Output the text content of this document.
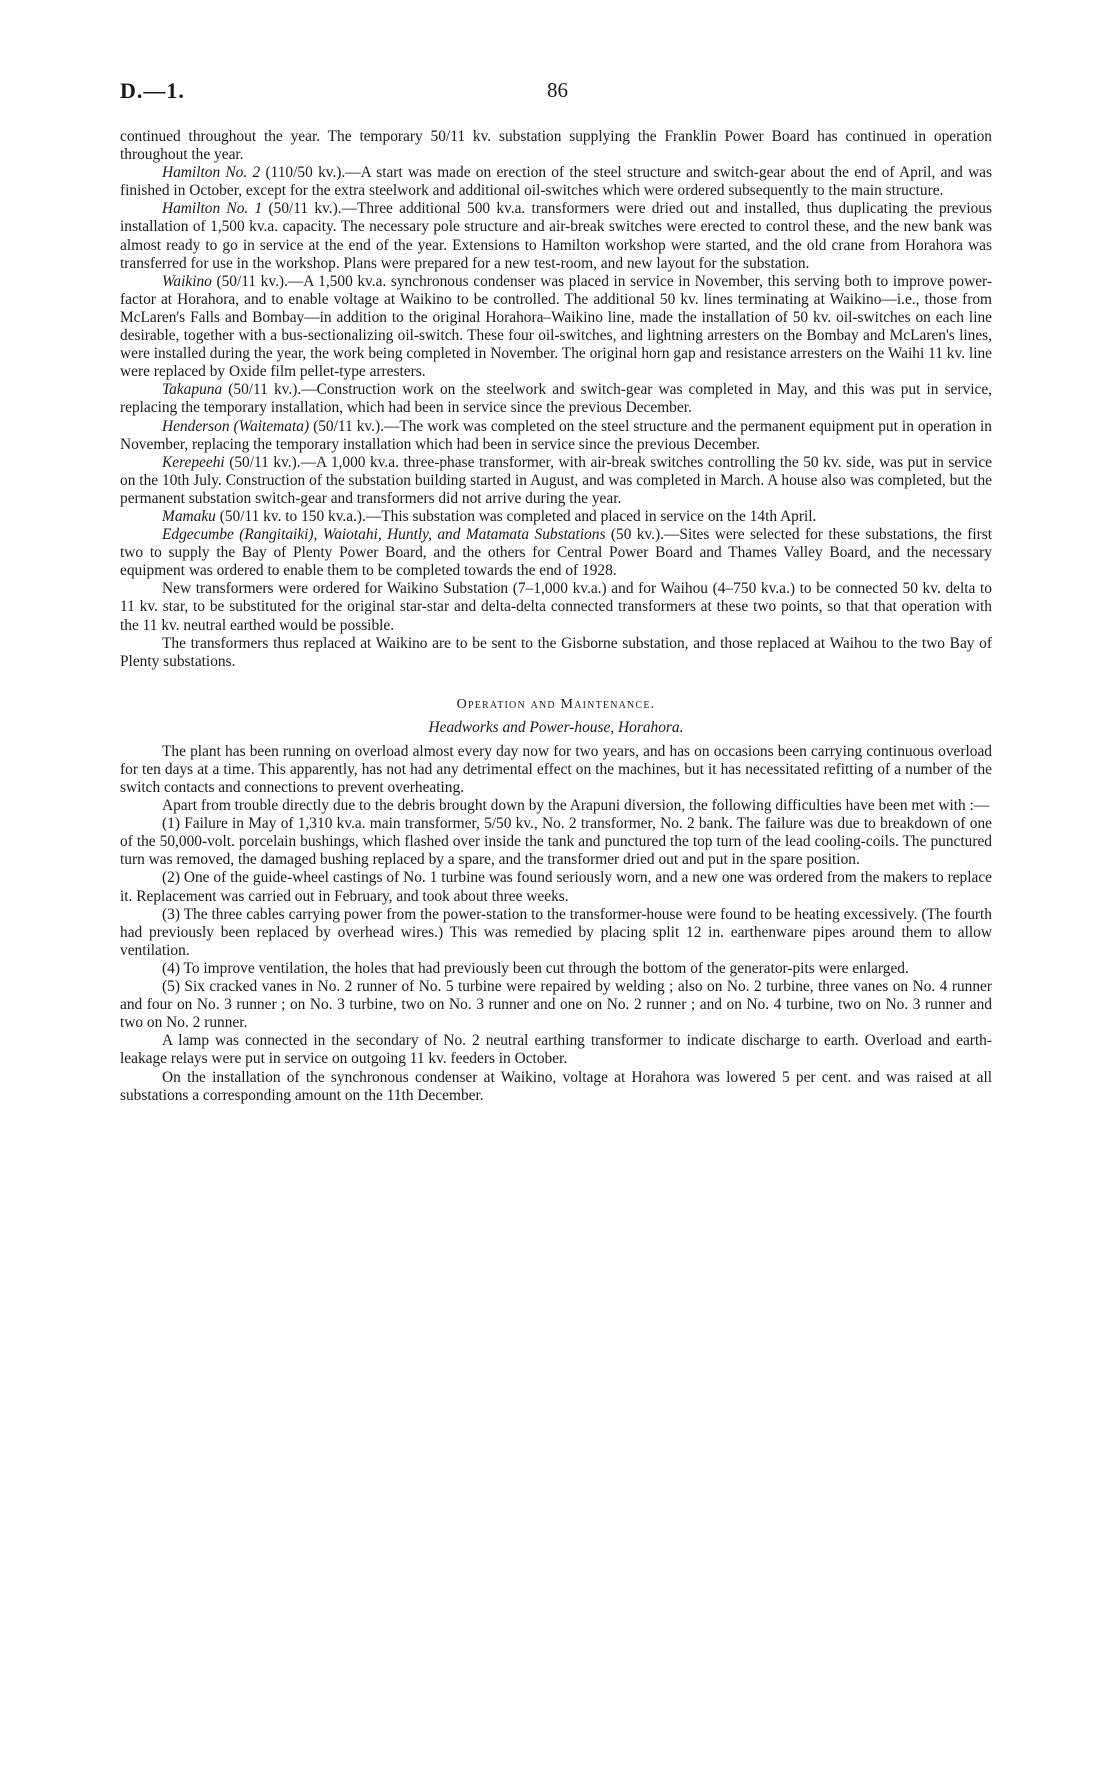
D.—1.	86

continued throughout the year. The temporary 50/11 kv. substation supplying the Franklin Power Board has continued in operation throughout the year.

Hamilton No. 2 (110/50 kv.).—A start was made on erection of the steel structure and switch-gear about the end of April, and was finished in October, except for the extra steelwork and additional oil-switches which were ordered subsequently to the main structure.

Hamilton No. 1 (50/11 kv.).—Three additional 500 kv.a. transformers were dried out and installed, thus duplicating the previous installation of 1,500 kv.a. capacity. The necessary pole structure and air-break switches were erected to control these, and the new bank was almost ready to go in service at the end of the year. Extensions to Hamilton workshop were started, and the old crane from Horahora was transferred for use in the workshop. Plans were prepared for a new test-room, and new layout for the substation.

Waikino (50/11 kv.).—A 1,500 kv.a. synchronous condenser was placed in service in November, this serving both to improve power-factor at Horahora, and to enable voltage at Waikino to be controlled. The additional 50 kv. lines terminating at Waikino—i.e., those from McLaren's Falls and Bombay—in addition to the original Horahora–Waikino line, made the installation of 50 kv. oil-switches on each line desirable, together with a bus-sectionalizing oil-switch. These four oil-switches, and lightning arresters on the Bombay and McLaren's lines, were installed during the year, the work being completed in November. The original horn gap and resistance arresters on the Waihi 11 kv. line were replaced by Oxide film pellet-type arresters.

Takapuna (50/11 kv.).—Construction work on the steelwork and switch-gear was completed in May, and this was put in service, replacing the temporary installation, which had been in service since the previous December.

Henderson (Waitemata) (50/11 kv.).—The work was completed on the steel structure and the permanent equipment put in operation in November, replacing the temporary installation which had been in service since the previous December.

Kerepeehi (50/11 kv.).—A 1,000 kv.a. three-phase transformer, with air-break switches controlling the 50 kv. side, was put in service on the 10th July. Construction of the substation building started in August, and was completed in March. A house also was completed, but the permanent substation switch-gear and transformers did not arrive during the year.

Mamaku (50/11 kv. to 150 kv.a.).—This substation was completed and placed in service on the 14th April.

Edgecumbe (Rangitaiki), Waiotahi, Huntly, and Matamata Substations (50 kv.).—Sites were selected for these substations, the first two to supply the Bay of Plenty Power Board, and the others for Central Power Board and Thames Valley Board, and the necessary equipment was ordered to enable them to be completed towards the end of 1928.

New transformers were ordered for Waikino Substation (7–1,000 kv.a.) and for Waihou (4–750 kv.a.) to be connected 50 kv. delta to 11 kv. star, to be substituted for the original star-star and delta-delta connected transformers at these two points, so that that operation with the 11 kv. neutral earthed would be possible.

The transformers thus replaced at Waikino are to be sent to the Gisborne substation, and those replaced at Waihou to the two Bay of Plenty substations.

Operation and Maintenance.
Headworks and Power-house, Horahora.

The plant has been running on overload almost every day now for two years, and has on occasions been carrying continuous overload for ten days at a time. This apparently, has not had any detrimental effect on the machines, but it has necessitated refitting of a number of the switch contacts and connections to prevent overheating.

Apart from trouble directly due to the debris brought down by the Arapuni diversion, the following difficulties have been met with :—

(1) Failure in May of 1,310 kv.a. main transformer, 5/50 kv., No. 2 transformer, No. 2 bank. The failure was due to breakdown of one of the 50,000-volt. porcelain bushings, which flashed over inside the tank and punctured the top turn of the lead cooling-coils. The punctured turn was removed, the damaged bushing replaced by a spare, and the transformer dried out and put in the spare position.

(2) One of the guide-wheel castings of No. 1 turbine was found seriously worn, and a new one was ordered from the makers to replace it. Replacement was carried out in February, and took about three weeks.

(3) The three cables carrying power from the power-station to the transformer-house were found to be heating excessively. (The fourth had previously been replaced by overhead wires.) This was remedied by placing split 12 in. earthenware pipes around them to allow ventilation.

(4) To improve ventilation, the holes that had previously been cut through the bottom of the generator-pits were enlarged.

(5) Six cracked vanes in No. 2 runner of No. 5 turbine were repaired by welding ; also on No. 2 turbine, three vanes on No. 4 runner and four on No. 3 runner ; on No. 3 turbine, two on No. 3 runner and one on No. 2 runner ; and on No. 4 turbine, two on No. 3 runner and two on No. 2 runner.

A lamp was connected in the secondary of No. 2 neutral earthing transformer to indicate discharge to earth. Overload and earth-leakage relays were put in service on outgoing 11 kv. feeders in October.

On the installation of the synchronous condenser at Waikino, voltage at Horahora was lowered 5 per cent. and was raised at all substations a corresponding amount on the 11th December.
